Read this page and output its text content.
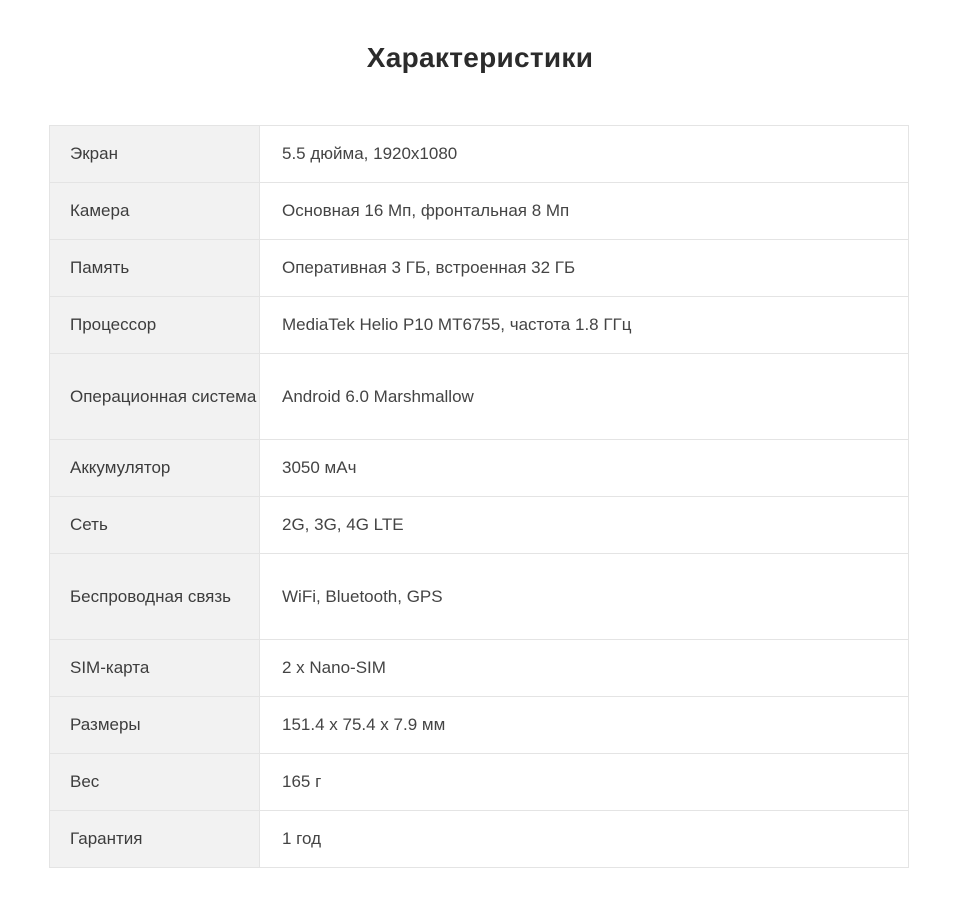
Характеристики
Экран	5.5 дюйма, 1920x1080
Камера	Основная 16 Мп, фронтальная 8 Мп
Память	Оперативная 3 ГБ, встроенная 32 ГБ
Процессор	MediaTek Helio P10 MT6755, частота 1.8 ГГц
Операционная система	Android 6.0 Marshmallow
Аккумулятор	3050 мАч
Сеть	2G, 3G, 4G LTE
Беспроводная связь	WiFi, Bluetooth, GPS
SIM-карта	2 x Nano-SIM
Размеры	151.4 x 75.4 x 7.9 мм
Вес	165 г
Гарантия	1 год
